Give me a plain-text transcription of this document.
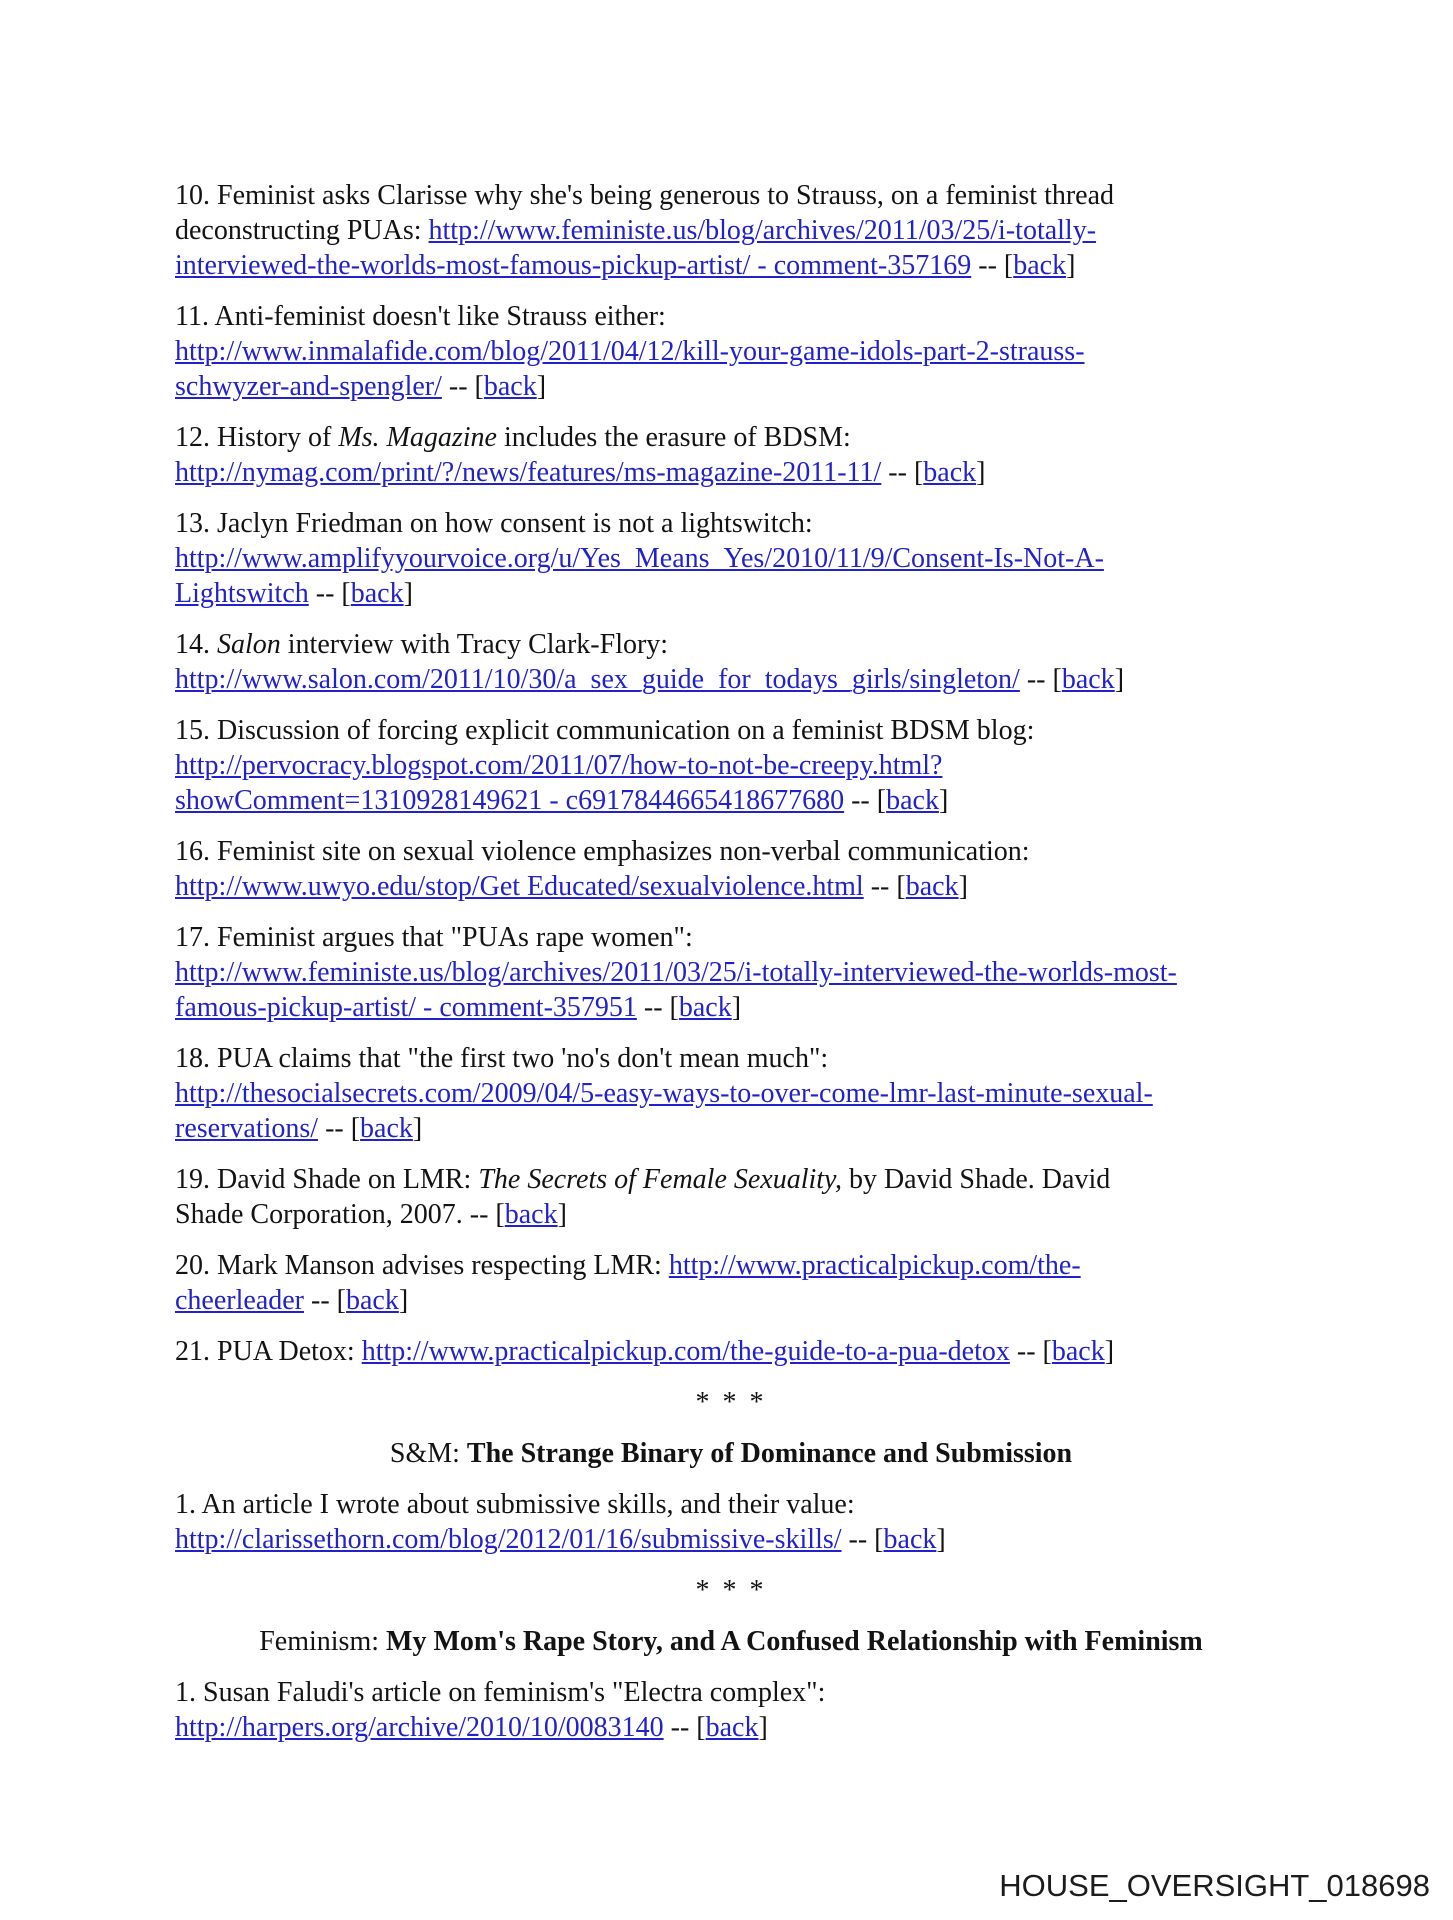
10. Feminist asks Clarisse why she's being generous to Strauss, on a feminist thread
deconstructing PUAs: http://www.feministe.us/blog/archives/2011/03/25/i-totally-
interviewed-the-worlds-most-famous-pickup-artist/ - comment-357169 -- [back]

11. Anti-feminist doesn't like Strauss either:
http://www.inmalafide.com/blog/2011/04/12/kill-your-game-idols-part-2-strauss-
schwyzer-and-spengler/ -- [back]

12. History of Ms. Magazine includes the erasure of BDSM:
http://nymag.com/print/?/news/features/ms-magazine-2011-11/ -- [back]

13. Jaclyn Friedman on how consent is not a lightswitch:
http://www.amplifyyourvoice.org/u/Yes_Means_Yes/2010/11/9/Consent-Is-Not-A-
Lightswitch -- [back]

14. Salon interview with Tracy Clark-Flory:
http://www.salon.com/2011/10/30/a_sex_guide_for_todays_girls/singleton/ -- [back]

15. Discussion of forcing explicit communication on a feminist BDSM blog:
http://pervocracy.blogspot.com/2011/07/how-to-not-be-creepy.html?
showComment=1310928149621 - c6917844665418677680 -- [back]

16. Feminist site on sexual violence emphasizes non-verbal communication:
http://www.uwyo.edu/stop/Get Educated/sexualviolence.html -- [back]

17. Feminist argues that "PUAs rape women":
http://www.feministe.us/blog/archives/2011/03/25/i-totally-interviewed-the-worlds-most-
famous-pickup-artist/ - comment-357951 -- [back]

18. PUA claims that "the first two 'no's don't mean much":
http://thesocialsecrets.com/2009/04/5-easy-ways-to-over-come-lmr-last-minute-sexual-
reservations/ -- [back]

19. David Shade on LMR: The Secrets of Female Sexuality, by David Shade. David
Shade Corporation, 2007. -- [back]

20. Mark Manson advises respecting LMR: http://www.practicalpickup.com/the-
cheerleader -- [back]

21. PUA Detox: http://www.practicalpickup.com/the-guide-to-a-pua-detox -- [back]

* * *

S&M: The Strange Binary of Dominance and Submission

1. An article I wrote about submissive skills, and their value:
http://clarissethorn.com/blog/2012/01/16/submissive-skills/ -- [back]

* * *

Feminism: My Mom's Rape Story, and A Confused Relationship with Feminism

1. Susan Faludi's article on feminism's "Electra complex":
http://harpers.org/archive/2010/10/0083140 -- [back]

HOUSE_OVERSIGHT_018698
